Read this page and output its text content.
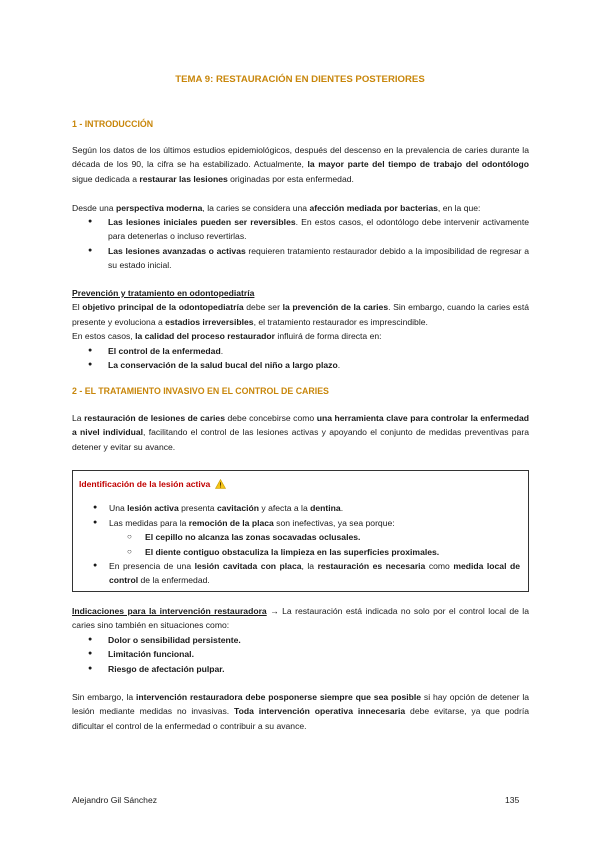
TEMA 9: RESTAURACIÓN EN DIENTES POSTERIORES
1 - INTRODUCCIÓN

Según los datos de los últimos estudios epidemiológicos, después del descenso en la prevalencia de caries durante la década de los 90, la cifra se ha estabilizado. Actualmente, la mayor parte del tiempo de trabajo del odontólogo sigue dedicada a restaurar las lesiones originadas por esta enfermedad.

Desde una perspectiva moderna, la caries se considera una afección mediada por bacterias, en la que:

● Las lesiones iniciales pueden ser reversibles. En estos casos, el odontólogo debe intervenir activamente para detenerlas o incluso revertirlas.
● Las lesiones avanzadas o activas requieren tratamiento restaurador debido a la imposibilidad de regresar a su estado inicial.

Prevención y tratamiento en odontopediatría

El objetivo principal de la odontopediatría debe ser la prevención de la caries. Sin embargo, cuando la caries está presente y evoluciona a estadios irreversibles, el tratamiento restaurador es imprescindible.

En estos casos, la calidad del proceso restaurador influirá de forma directa en:

● El control de la enfermedad.
● La conservación de la salud bucal del niño a largo plazo.
2 - EL TRATAMIENTO INVASIVO EN EL CONTROL DE CARIES

La restauración de lesiones de caries debe concebirse como una herramienta clave para controlar la enfermedad a nivel individual, facilitando el control de las lesiones activas y apoyando el conjunto de medidas preventivas para detener y evitar su avance.

Identificación de la lesión activa
● Una lesión activa presenta cavitación y afecta a la dentina.
● Las medidas para la remoción de la placa son inefectivas, ya sea porque:
○ El cepillo no alcanza las zonas socavadas oclusales.
○ El diente contiguo obstaculiza la limpieza en las superficies proximales.
● En presencia de una lesión cavitada con placa, la restauración es necesaria como medida local de control de la enfermedad.

Indicaciones para la intervención restauradora → La restauración está indicada no solo por el control local de la caries sino también en situaciones como:

● Dolor o sensibilidad persistente.
● Limitación funcional.
● Riesgo de afectación pulpar.

Sin embargo, la intervención restauradora debe posponerse siempre que sea posible si hay opción de detener la lesión mediante medidas no invasivas. Toda intervención operativa innecesaria debe evitarse, ya que podría dificultar el control de la enfermedad o contribuir a su avance.

Alejandro Gil Sánchez	135
